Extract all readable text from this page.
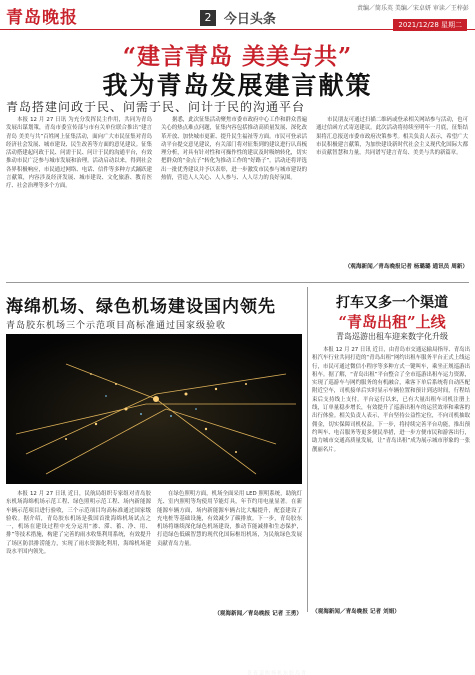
青岛晚报	2 今日头条
责编／简乐英 美编／宋卓妍 审读／王梓彭
2021/12/28 星期二
“建言青岛 美美与共”
我为青岛发展建言献策
青岛搭建问政于民、问需于民、问计于民的沟通平台

本报 12 月 27 日讯 为充分发挥民主作用，共同为青岛发展出谋划策，青岛市委宣传部与市有关单位联合推出“建言青岛 美美与共”百姓网上征集活动，面向广大市民征集对青岛经济社会发展、城市建设、民生改善等方面的意见建议。征集活动搭建起问政于民、问需于民、问计于民的沟通平台，有效推动市民广泛参与城市发展和治理。活动启动以来，得到社会各界积极响应，市民通过网络、电话、信件等多种方式踊跃建言献策，内容涉及经济发展、城市建设、文化旅游、教育医疗、社会治理等多个方面。

据悉，此次征集活动聚焦市委市政府中心工作和群众普遍关心的热点难点问题，征集内容包括推动高质量发展、深化改革开放、加快城市更新、提升民生福祉等方面。市民可登录活动平台提交意见建议，有关部门将对征集到的建议进行认真梳理分析，对具有针对性和可操作性的建议及时吸纳转化，切实把群众的“金点子”转化为推动工作的“好路子”。活动还将评选出一批优秀建议并予以表彰，进一步激发市民参与城市建设的热情，营造人人关心、人人参与、人人尽力的良好氛围。

市民朋友可通过扫描二维码或登录相关网站参与活动，也可通过信函方式寄送建议。此次活动将持续至明年一月底，征集结果将汇总报送市委市政府决策参考。相关负责人表示，希望广大市民积极建言献策，为加快建设新时代社会主义现代化国际大都市贡献智慧和力量，共同谱写建言青岛、美美与共的新篇章。

（观海新闻／青岛晚报记者 杨璐璐 通讯员 周新）
海绵机场、绿色机场建设国内领先
青岛胶东机场三个示范项目高标准通过国家级验收
青岛胶东机场跑道夜景

本报 12 月 27 日讯 近日，民航局组织专家组对青岛胶东机场海绵机场示范工程、绿色照明示范工程、场内新能源车辆示范项目进行验收，三个示范项目均高标准通过国家级验收。据介绍，青岛胶东机场是我国首批海绵机场试点之一，机场在建设过程中充分运用“渗、滞、蓄、净、用、排”等技术措施，构建了完善的雨水收集利用系统，有效提升了场区防洪排涝能力，实现了雨水资源化利用，海绵机场建设水平国内领先。

在绿色照明方面，机场全面采用 LED 照明系统，助航灯光、室内照明等均使用节能灯具，年节约用电量显著。在新能源车辆方面，场内新能源车辆占比大幅提升，配套建设了充电桩等基础设施，有效减少了碳排放。下一步，青岛胶东机场将继续深化绿色机场建设，推动节能减排和生态保护，打造绿色低碳智慧的现代化国际枢纽机场，为民航绿色发展贡献青岛力量。

（观海新闻／青岛晚报 记者 王勇）
打车又多一个渠道
“青岛出租”上线
青岛巡游出租车迎来数字化升级

本报 12 月 27 日讯 近日，由青岛市交通运输局指导、青岛出租汽车行业共同打造的“青岛出租”网约出租车服务平台正式上线运行，市民可通过微信小程序等多种方式一键叫车，乘坐正规巡游出租车。据了解，“青岛出租”平台整合了全市巡游出租车运力资源，实现了巡游车与网约服务的有机融合，乘客下单后系统将自动匹配附近空车，司机接单后实时显示车辆位置和预计到达时间，行程结束后支持线上支付。平台运行以来，已有大量出租车司机注册上线，订单量稳步增长，有效提升了巡游出租车的运营效率和乘客的出行体验。相关负责人表示，平台坚持公益性定位，不向司机抽取佣金，切实保障司机权益。下一步，将持续完善平台功能，推出预约叫车、电召服务等更多便民举措，进一步方便市民和游客出行，助力城市交通高质量发展，让“青岛出租”成为展示城市形象的一张靓丽名片。

（观海新闻／青岛晚报 记者 刘娟）
